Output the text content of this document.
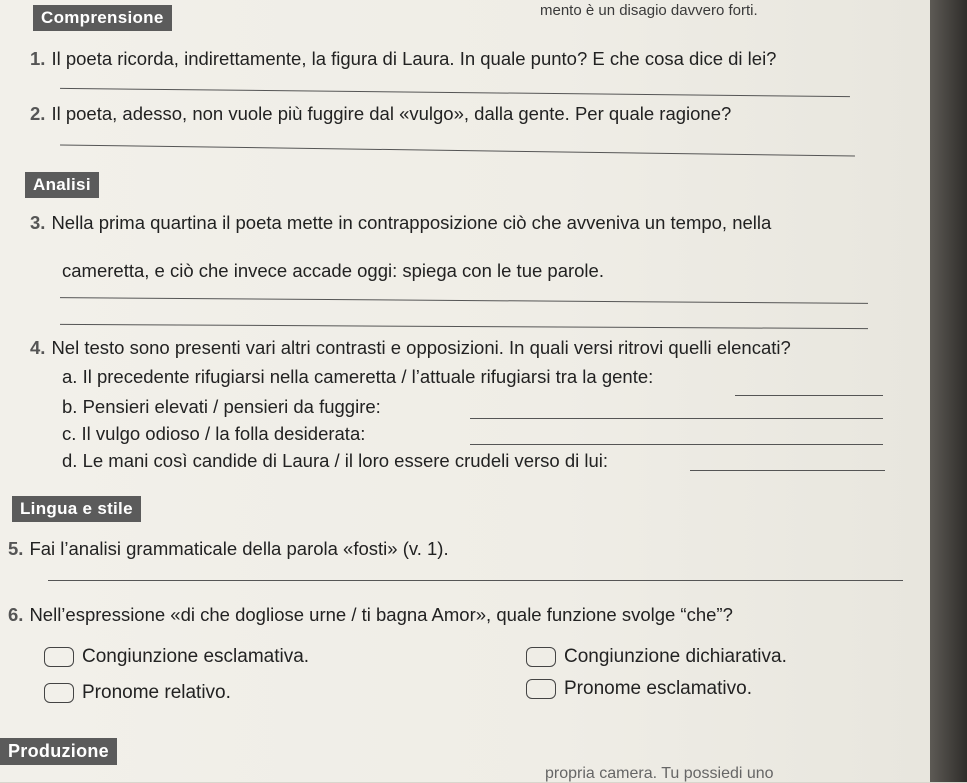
mento è un disagio davvero forti.
Comprensione
1. Il poeta ricorda, indirettamente, la figura di Laura. In quale punto? E che cosa dice di lei?
2. Il poeta, adesso, non vuole più fuggire dal «vulgo», dalla gente. Per quale ragione?
Analisi
3. Nella prima quartina il poeta mette in contrapposizione ciò che avveniva un tempo, nella
cameretta, e ciò che invece accade oggi: spiega con le tue parole.
4. Nel testo sono presenti vari altri contrasti e opposizioni. In quali versi ritrovi quelli elencati?
a. Il precedente rifugiarsi nella cameretta / l’attuale rifugiarsi tra la gente:
b. Pensieri elevati / pensieri da fuggire:
c. Il vulgo odioso / la folla desiderata:
d. Le mani così candide di Laura / il loro essere crudeli verso di lui:
Lingua e stile
5. Fai l’analisi grammaticale della parola «fosti» (v. 1).
6. Nell’espressione «di che dogliose urne / ti bagna Amor», quale funzione svolge “che”?
Congiunzione esclamativa.	Congiunzione dichiarativa.
Pronome relativo.	Pronome esclamativo.
Produzione
propria camera. Tu possiedi uno
